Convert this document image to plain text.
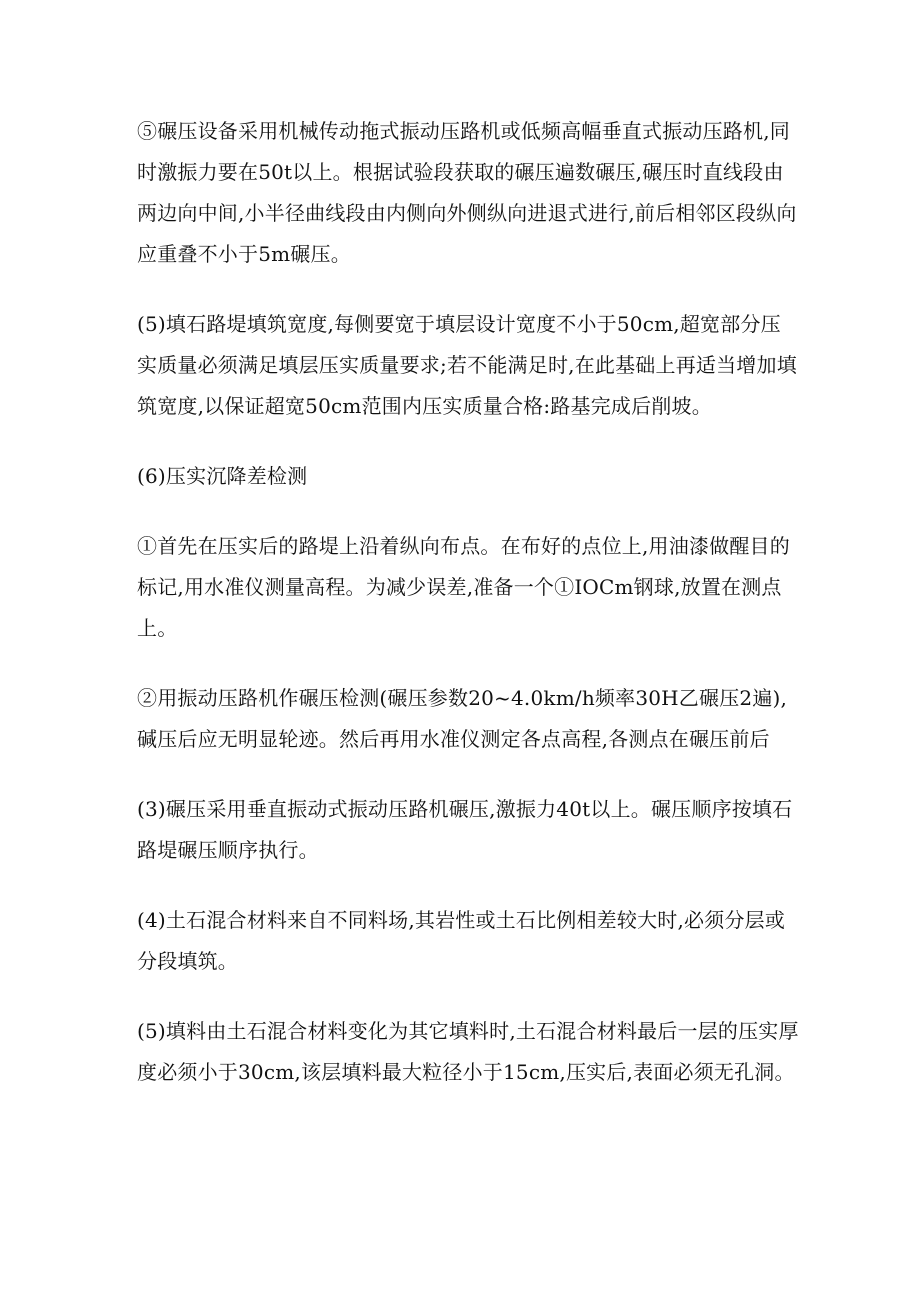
⑤碾压设备采用机械传动拖式振动压路机或低频高幅垂直式振动压路机,同时激振力要在50t以上。根据试验段获取的碾压遍数碾压,碾压时直线段由两边向中间,小半径曲线段由内侧向外侧纵向进退式进行,前后相邻区段纵向应重叠不小于5m碾压。

(5)填石路堤填筑宽度,每侧要宽于填层设计宽度不小于50cm,超宽部分压实质量必须满足填层压实质量要求;若不能满足时,在此基础上再适当增加填筑宽度,以保证超宽50cm范围内压实质量合格:路基完成后削坡。

(6)压实沉降差检测

①首先在压实后的路堤上沿着纵向布点。在布好的点位上,用油漆做醒目的标记,用水准仪测量高程。为减少误差,准备一个①IOCm钢球,放置在测点上。

②用振动压路机作碾压检测(碾压参数20~4.0km/h频率30H乙碾压2遍),碱压后应无明显轮迹。然后再用水准仪测定各点高程,各测点在碾压前后

(3)碾压采用垂直振动式振动压路机碾压,激振力40t以上。碾压顺序按填石路堤碾压顺序执行。

(4)土石混合材料来自不同料场,其岩性或土石比例相差较大时,必须分层或分段填筑。

(5)填料由土石混合材料变化为其它填料时,土石混合材料最后一层的压实厚度必须小于30cm,该层填料最大粒径小于15cm,压实后,表面必须无孔洞。
